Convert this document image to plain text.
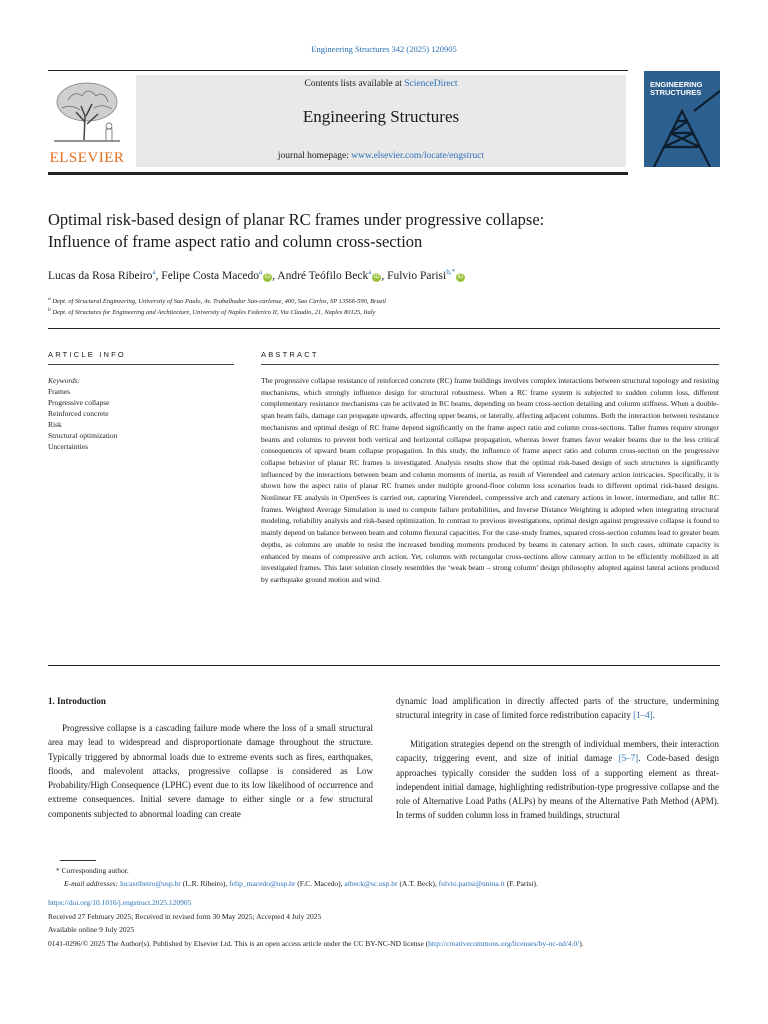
Engineering Structures 342 (2025) 120905
ELSEVIER
Contents lists available at ScienceDirect
Engineering Structures
journal homepage: www.elsevier.com/locate/engstruct
ENGINEERING
STRUCTURES
Optimal risk-based design of planar RC frames under progressive collapse:
Influence of frame aspect ratio and column cross-section
Lucas da Rosa Ribeiro$^a$, Felipe Costa Macedo$^a$iD , André Teófilo Beck$^a$iD , Fulvio Parisi$^{b,*}$iD
$^a$ Dept. of Structural Engineering, University of Sao Paulo, Av. Trabalhador Sao-carlense, 400, Sao Carlos, SP 13566-590, Brazil
$^b$ Dept. of Structures for Engineering and Architecture, University of Naples Federico II, Via Claudio, 21, Naples 80125, Italy
ARTICLE INFO
Keywords:
Frames
Progressive collapse
Reinforced concrete
Risk
Structural optimization
Uncertainties
ABSTRACT
The progressive collapse resistance of reinforced concrete (RC) frame buildings involves complex interactions between structural topology and resisting mechanisms, which strongly influence design for structural robustness. When a RC frame system is subjected to sudden column loss, different complementary resistance mechanisms can be activated in RC beams, depending on beam cross-section detailing and column stiffness. When a double-span beam fails, damage can propagate upwards, affecting upper beams, or laterally, affecting adjacent columns. Both the interaction between resistance mechanisms and optimal design of RC frame depend significantly on the frame aspect ratio and column cross-sections. Taller frames require stronger beams and columns to prevent both vertical and horizontal collapse propagation, whereas lower frames favor weaker beams due to the less critical consequences of upward beam collapse propagation. In this study, the influence of frame aspect ratio and column cross-section on the progressive collapse behavior of planar RC frames is investigated. Analysis results show that the optimal risk-based design of such structures is significantly influenced by the interactions between beam and column moments of inertia, as result of Vierendeel and catenary action intricacies. Specifically, it is shown how the aspect ratio of planar RC frames under multiple ground-floor column loss scenarios leads to different optimal risk-based designs. Nonlinear FE analysis in OpenSees is carried out, capturing Vierendeel, compressive arch and catenary actions in lower, intermediate, and taller RC frames. Weighted Average Simulation is used to compute failure probabilities, and Inverse Distance Weighting is adopted when integrating structural modeling, reliability analysis and risk-based optimization. In contrast to previous investigations, optimal design against progressive collapse is found to mainly depend on balance between beam and column flexural capacities. For the case-study frames, squared cross-section columns lead to greater beam depths, as columns are unable to resist the increased bending moments produced by beams in catenary action. In such cases, ultimate capacity is enhanced by means of compressive arch action. Yet, columns with rectangular cross-sections allow catenary action to be efficiently mobilized in all investigated frames. This later solution closely resembles the ‘weak beam – strong column’ design philosophy adopted against lateral actions produced by earthquake ground motion and wind.
1. Introduction
Progressive collapse is a cascading failure mode where the loss of a small structural area may lead to widespread and disproportionate damage throughout the structure. Typically triggered by abnormal loads due to extreme events such as fires, earthquakes, floods, and malevolent attacks, progressive collapse is considered as Low Probability/High Consequence (LPHC) event due to its low likelihood of occurrence and extreme consequences. Initial severe damage to either single or a few structural components subjected to abnormal loading can create
dynamic load amplification in directly affected parts of the structure, undermining structural integrity in case of limited force redistribution capacity [1–4].
Mitigation strategies depend on the strength of individual members, their interaction capacity, triggering event, and size of initial damage [5–7]. Code-based design approaches typically consider the sudden loss of a supporting element as threat-independent initial damage, highlighting redistribution-type progressive collapse and the role of Alternative Load Paths (ALPs) by means of the Alternative Path Method (APM). In terms of sudden column loss in framed buildings, structural
* Corresponding author.
E-mail addresses: lucasribeiro@usp.br (L.R. Ribeiro), felip_macedo@usp.br (F.C. Macedo), atbeck@sc.usp.br (A.T. Beck), fulvio.parisi@unina.it (F. Parisi).
https://doi.org/10.1016/j.engstruct.2025.120905
Received 27 February 2025; Received in revised form 30 May 2025; Accepted 4 July 2025
Available online 9 July 2025
0141-0296/© 2025 The Author(s). Published by Elsevier Ltd. This is an open access article under the CC BY-NC-ND license (http://creativecommons.org/licenses/by-nc-nd/4.0/).
